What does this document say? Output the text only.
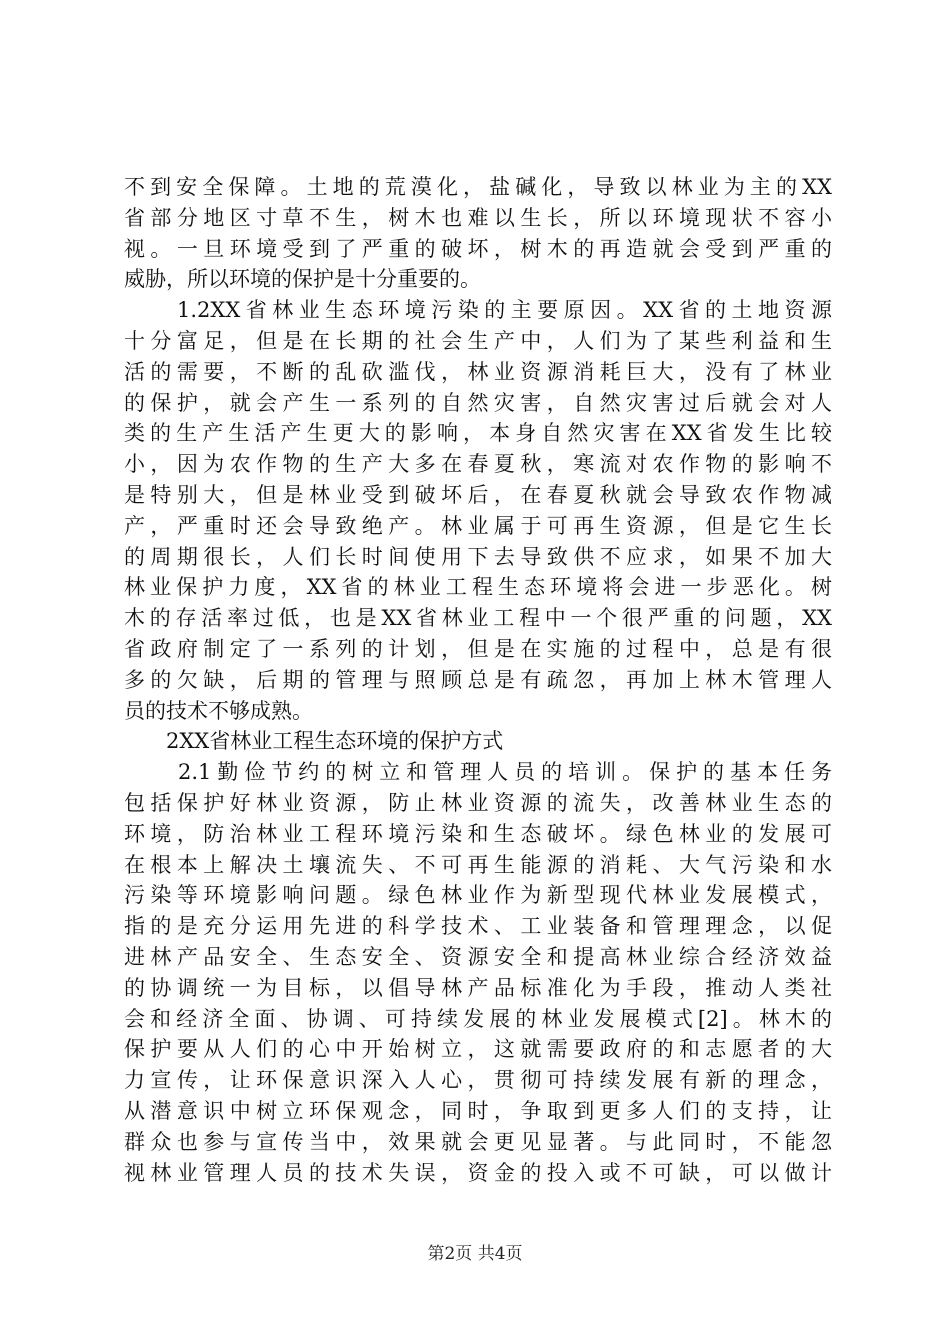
不到安全保障。土地的荒漠化，盐碱化，导致以林业为主的XX
省部分地区寸草不生，树木也难以生长，所以环境现状不容小
视。一旦环境受到了严重的破坏，树木的再造就会受到严重的
威胁，所以环境的保护是十分重要的。
　　1.2XX省林业生态环境污染的主要原因。XX省的土地资源
十分富足，但是在长期的社会生产中，人们为了某些利益和生
活的需要，不断的乱砍滥伐，林业资源消耗巨大，没有了林业
的保护，就会产生一系列的自然灾害，自然灾害过后就会对人
类的生产生活产生更大的影响，本身自然灾害在XX省发生比较
小，因为农作物的生产大多在春夏秋，寒流对农作物的影响不
是特别大，但是林业受到破坏后，在春夏秋就会导致农作物减
产，严重时还会导致绝产。林业属于可再生资源，但是它生长
的周期很长，人们长时间使用下去导致供不应求，如果不加大
林业保护力度，XX省的林业工程生态环境将会进一步恶化。树
木的存活率过低，也是XX省林业工程中一个很严重的问题，XX
省政府制定了一系列的计划，但是在实施的过程中，总是有很
多的欠缺，后期的管理与照顾总是有疏忽，再加上林木管理人
员的技术不够成熟。
　　2XX省林业工程生态环境的保护方式
　　2.1勤俭节约的树立和管理人员的培训。保护的基本任务
包括保护好林业资源，防止林业资源的流失，改善林业生态的
环境，防治林业工程环境污染和生态破坏。绿色林业的发展可
在根本上解决土壤流失、不可再生能源的消耗、大气污染和水
污染等环境影响问题。绿色林业作为新型现代林业发展模式，
指的是充分运用先进的科学技术、工业装备和管理理念，以促
进林产品安全、生态安全、资源安全和提高林业综合经济效益
的协调统一为目标，以倡导林产品标准化为手段，推动人类社
会和经济全面、协调、可持续发展的林业发展模式[2]。林木的
保护要从人们的心中开始树立，这就需要政府的和志愿者的大
力宣传，让环保意识深入人心，贯彻可持续发展有新的理念，
从潜意识中树立环保观念，同时，争取到更多人们的支持，让
群众也参与宣传当中，效果就会更见显著。与此同时，不能忽
视林业管理人员的技术失误，资金的投入或不可缺，可以做计
第2页 共4页
